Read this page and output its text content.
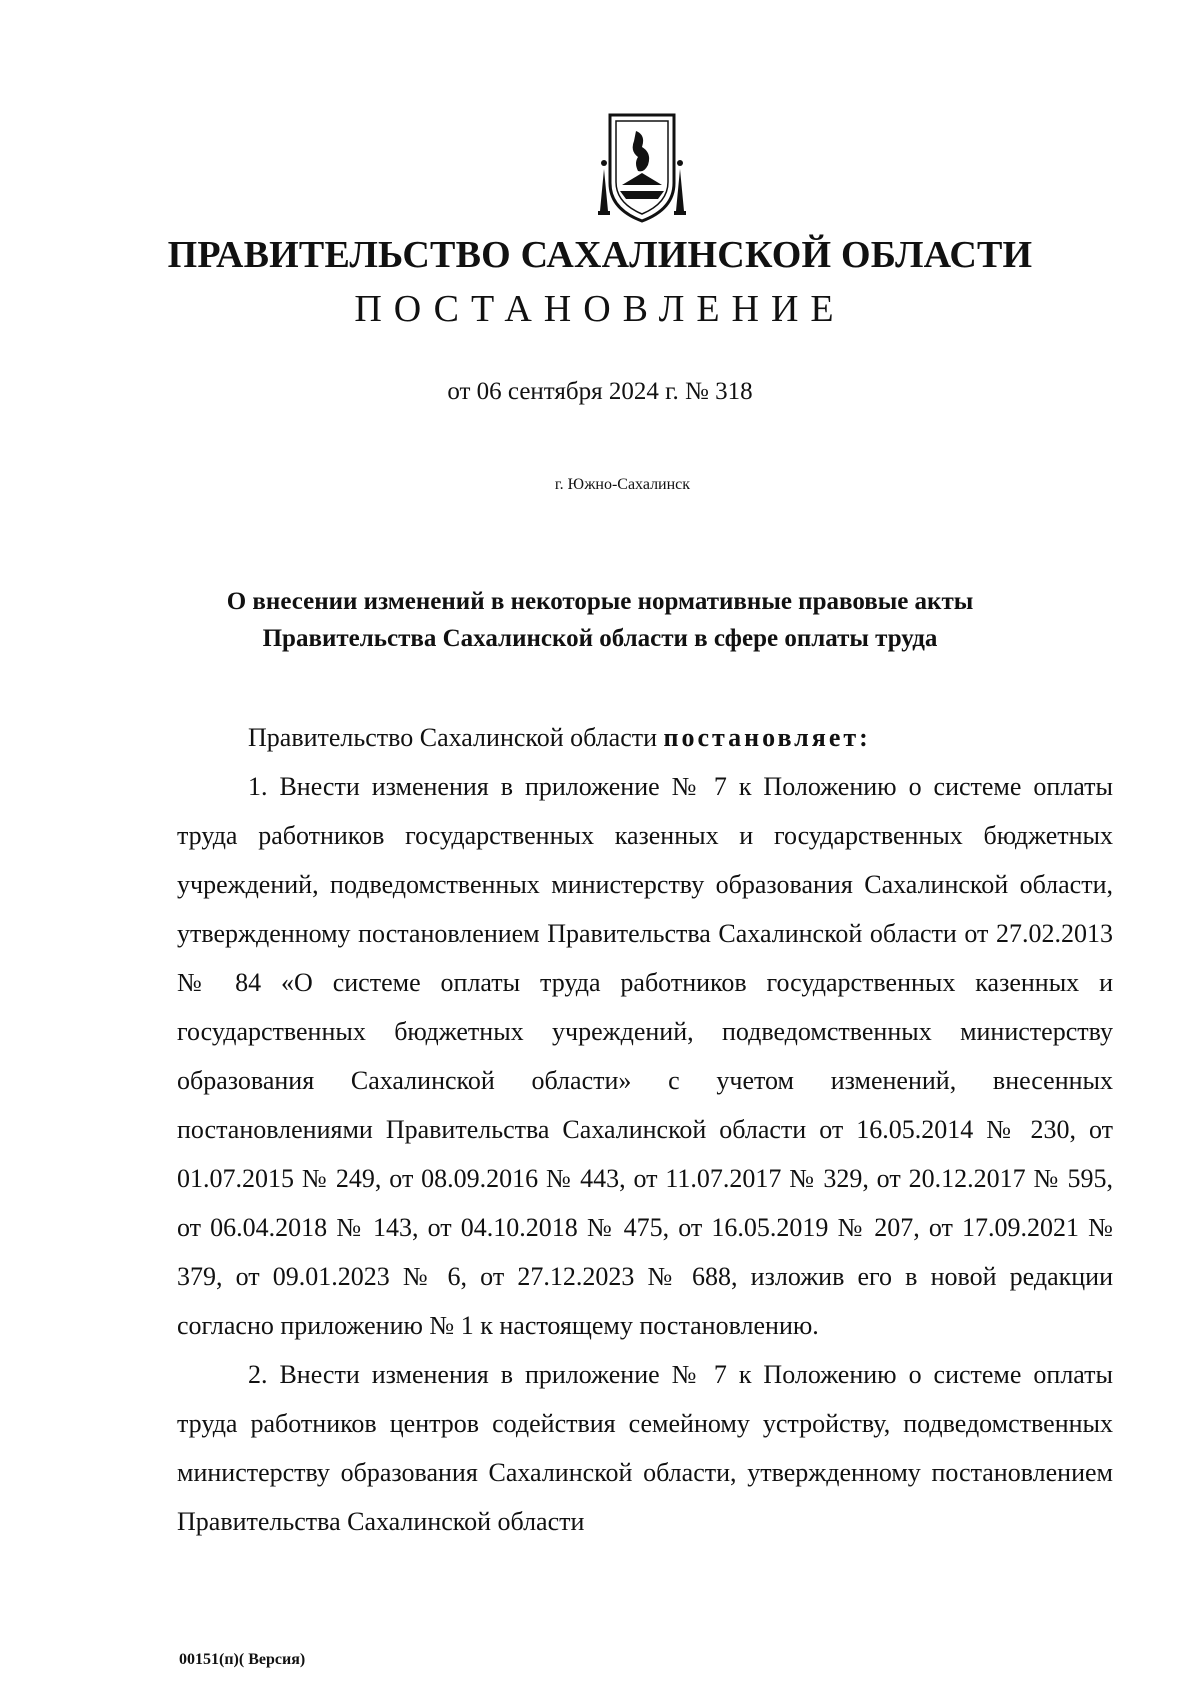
ПРАВИТЕЛЬСТВО САХАЛИНСКОЙ ОБЛАСТИ
ПОСТАНОВЛЕНИЕ
от 06 сентября 2024 г. № 318
г. Южно-Сахалинск
О внесении изменений в некоторые нормативные правовые акты
Правительства Сахалинской области в сфере оплаты труда

Правительство Сахалинской области постановляет:

1. Внести изменения в приложение № 7 к Положению о системе оплаты труда работников государственных казенных и государственных бюджетных учреждений, подведомственных министерству образования Сахалинской области, утвержденному постановлением Правительства Сахалинской области от 27.02.2013 № 84 «О системе оплаты труда работников государственных казенных и государственных бюджетных учреждений, подведомственных министерству образования Сахалинской области» с учетом изменений, внесенных постановлениями Правительства Сахалинской области от 16.05.2014 № 230, от 01.07.2015 № 249, от 08.09.2016 № 443, от 11.07.2017 № 329, от 20.12.2017 № 595, от 06.04.2018 № 143, от 04.10.2018 № 475, от 16.05.2019 № 207, от 17.09.2021 № 379, от 09.01.2023 № 6, от 27.12.2023 № 688, изложив его в новой редакции согласно приложению № 1 к настоящему постановлению.

2. Внести изменения в приложение № 7 к Положению о системе оплаты труда работников центров содействия семейному устройству, подведомственных министерству образования Сахалинской области, утвержденному постановлением Правительства Сахалинской области

00151(п)( Версия)
